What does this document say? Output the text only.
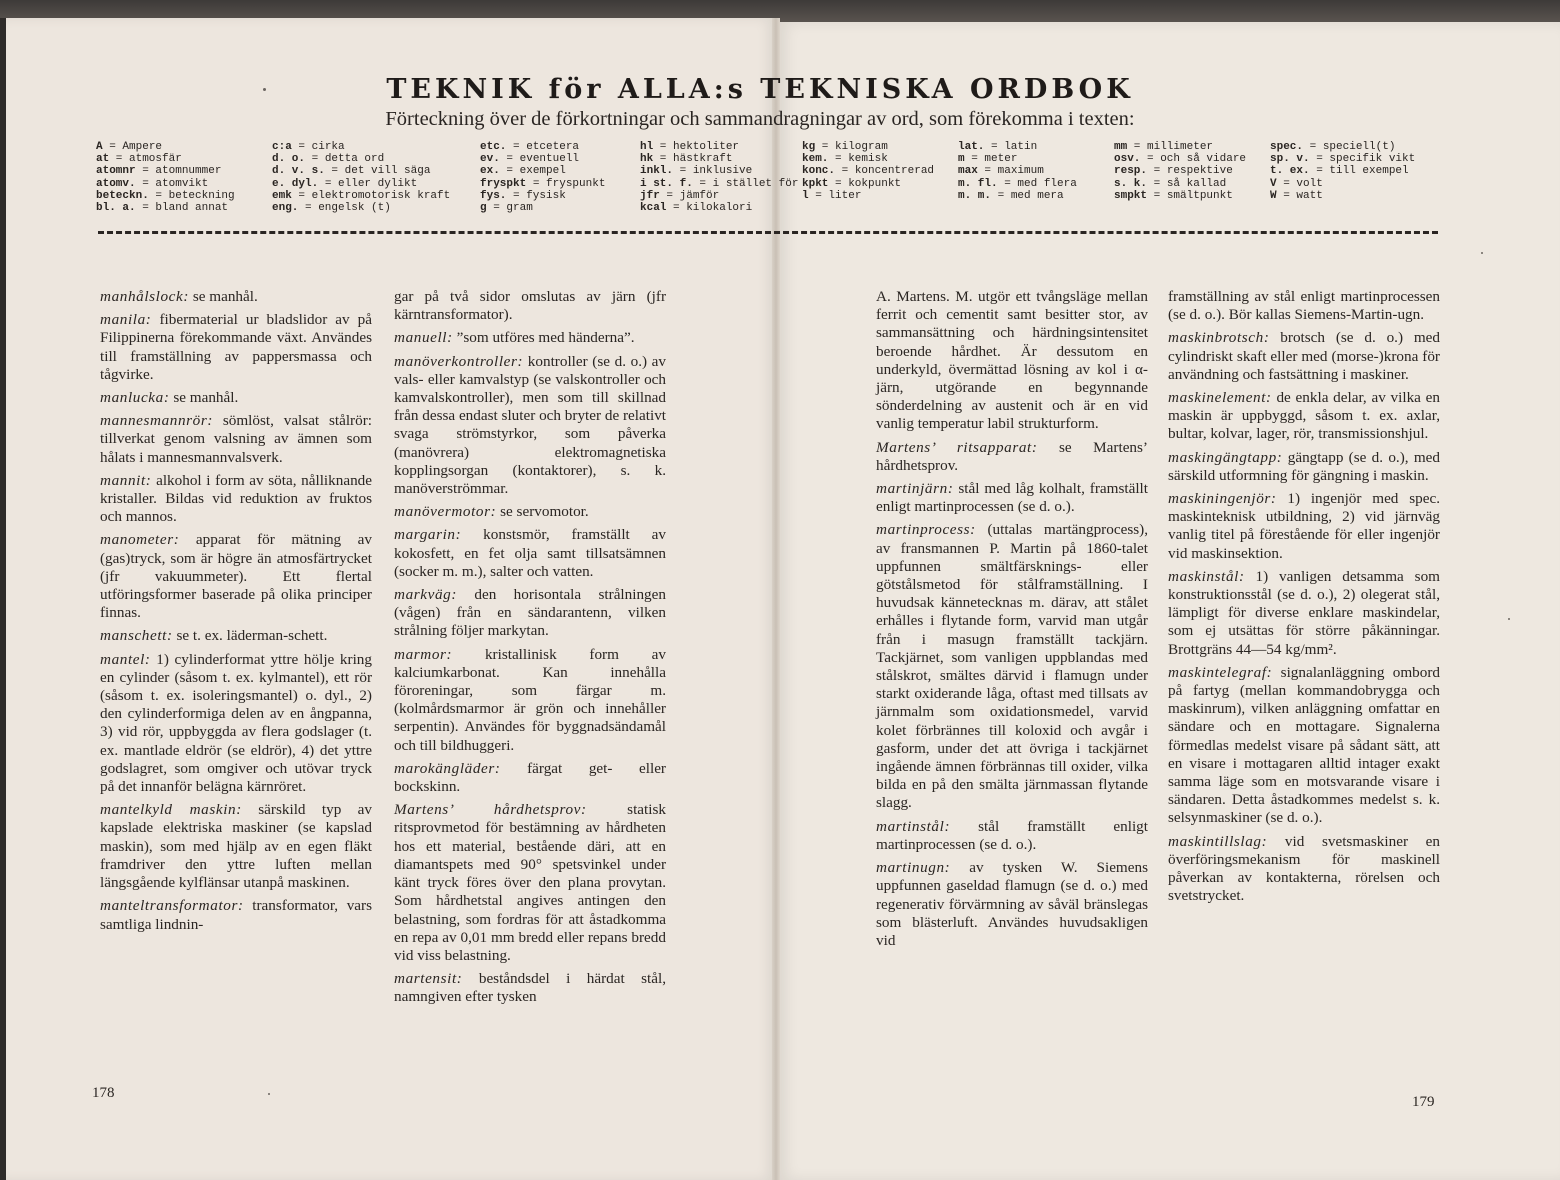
TEKNIK för ALLA:s TEKNISKA ORDBOK
Förteckning över de förkortningar och sammandragningar av ord, som förekomma i texten:
A = Ampere
at = atmosfär
atomnr = atomnummer
atomv. = atomvikt
beteckn. = beteckning
bl. a. = bland annat
c:a = cirka
d. o. = detta ord
d. v. s. = det vill säga
e. dyl. = eller dylikt
emk = elektromotorisk kraft
eng. = engelsk (t)
etc. = etcetera
ev. = eventuell
ex. = exempel
fryspkt = fryspunkt
fys. = fysisk
g = gram
hl = hektoliter
hk = hästkraft
inkl. = inklusive
i st. f. = i stället för
jfr = jämför
kcal = kilokalori
kg = kilogram
kem. = kemisk
konc. = koncentrerad
kpkt = kokpunkt
l = liter
lat. = latin
m = meter
max = maximum
m. fl. = med flera
m. m. = med mera
mm = millimeter
osv. = och så vidare
resp. = respektive
s. k. = så kallad
smpkt = smältpunkt
spec. = speciell(t)
sp. v. = specifik vikt
t. ex. = till exempel
V = volt
W = watt

manhålslock: se manhål.

manila: fibermaterial ur bladslidor av på Filippinerna förekommande växt. Användes till framställning av pappersmassa och tågvirke.

manlucka: se manhål.

mannesmannrör: sömlöst, valsat stålrör: tillverkat genom valsning av ämnen som hålats i mannesmannvalsverk.

mannit: alkohol i form av söta, nålliknande kristaller. Bildas vid reduktion av fruktos och mannos.

manometer: apparat för mätning av (gas)tryck, som är högre än atmosfärtrycket (jfr vakuummeter). Ett flertal utföringsformer baserade på olika principer finnas.

manschett: se t. ex. läderman-schett.

mantel: 1) cylinderformat yttre hölje kring en cylinder (såsom t. ex. kylmantel), ett rör (såsom t. ex. isoleringsmantel) o. dyl., 2) den cylinderformiga delen av en ångpanna, 3) vid rör, uppbyggda av flera godslager (t. ex. mantlade eldrör (se eldrör), 4) det yttre godslagret, som omgiver och utövar tryck på det innanför belägna kärnröret.

mantelkyld maskin: särskild typ av kapslade elektriska maskiner (se kapslad maskin), som med hjälp av en egen fläkt framdriver den yttre luften mellan längsgående kylflänsar utanpå maskinen.

manteltransformator: transformator, vars samtliga lindnin-

gar på två sidor omslutas av järn (jfr kärntransformator).

manuell: ”som utföres med händerna”.

manöverkontroller: kontroller (se d. o.) av vals- eller kamvalstyp (se valskontroller och kamvalskontroller), men som till skillnad från dessa endast sluter och bryter de relativt svaga strömstyrkor, som påverka (manövrera) elektromagnetiska kopplingsorgan (kontaktorer), s. k. manöverströmmar.

manövermotor: se servomotor.

margarin: konstsmör, framställt av kokosfett, en fet olja samt tillsatsämnen (socker m. m.), salter och vatten.

markväg: den horisontala strålningen (vågen) från en sändarantenn, vilken strålning följer markytan.

marmor: kristallinisk form av kalciumkarbonat. Kan innehålla föroreningar, som färgar m. (kolmårdsmarmor är grön och innehåller serpentin). Användes för byggnadsändamål och till bildhuggeri.

marokängläder: färgat get- eller bockskinn.

Martens’ hårdhetsprov: statisk ritsprovmetod för bestämning av hårdheten hos ett material, bestående däri, att en diamantspets med 90° spetsvinkel under känt tryck föres över den plana provytan. Som hårdhetstal angives antingen den belastning, som fordras för att åstadkomma en repa av 0,01 mm bredd eller repans bredd vid viss belastning.

martensit: beståndsdel i härdat stål, namngiven efter tysken

A. Martens. M. utgör ett tvångsläge mellan ferrit och cementit samt besitter stor, av sammansättning och härdningsintensitet beroende hårdhet. Är dessutom en underkyld, övermättad lösning av kol i α-järn, utgörande en begynnande sönderdelning av austenit och är en vid vanlig temperatur labil strukturform.

Martens’ ritsapparat: se Martens’ hårdhetsprov.

martinjärn: stål med låg kolhalt, framställt enligt martinprocessen (se d. o.).

martinprocess: (uttalas martängprocess), av fransmannen P. Martin på 1860-talet uppfunnen smältfärsknings- eller götstålsmetod för stålframställning. I huvudsak kännetecknas m. därav, att stålet erhålles i flytande form, varvid man utgår från i masugn framställt tackjärn. Tackjärnet, som vanligen uppblandas med stålskrot, smältes därvid i flamugn under starkt oxiderande låga, oftast med tillsats av järnmalm som oxidationsmedel, varvid kolet förbrännes till koloxid och avgår i gasform, under det att övriga i tackjärnet ingående ämnen förbrännas till oxider, vilka bilda en på den smälta järnmassan flytande slagg.

martinstål: stål framställt enligt martinprocessen (se d. o.).

martinugn: av tysken W. Siemens uppfunnen gaseldad flamugn (se d. o.) med regenerativ förvärmning av såväl bränslegas som blästerluft. Användes huvudsakligen vid

framställning av stål enligt martinprocessen (se d. o.). Bör kallas Siemens-Martin-ugn.

maskinbrotsch: brotsch (se d. o.) med cylindriskt skaft eller med (morse-)krona för användning och fastsättning i maskiner.

maskinelement: de enkla delar, av vilka en maskin är uppbyggd, såsom t. ex. axlar, bultar, kolvar, lager, rör, transmissionshjul.

maskingängtapp: gängtapp (se d. o.), med särskild utformning för gängning i maskin.

maskiningenjör: 1) ingenjör med spec. maskinteknisk utbildning, 2) vid järnväg vanlig titel på förestående för eller ingenjör vid maskinsektion.

maskinstål: 1) vanligen detsamma som konstruktionsstål (se d. o.), 2) olegerat stål, lämpligt för diverse enklare maskindelar, som ej utsättas för större påkänningar. Brottgräns 44—54 kg/mm².

maskintelegraf: signalanläggning ombord på fartyg (mellan kommandobrygga och maskinrum), vilken anläggning omfattar en sändare och en mottagare. Signalerna förmedlas medelst visare på sådant sätt, att en visare i mottagaren alltid intager exakt samma läge som en motsvarande visare i sändaren. Detta åstadkommes medelst s. k. selsynmaskiner (se d. o.).

maskintillslag: vid svetsmaskiner en överföringsmekanism för maskinell påverkan av kontakterna, rörelsen och svetstrycket.

178
179
